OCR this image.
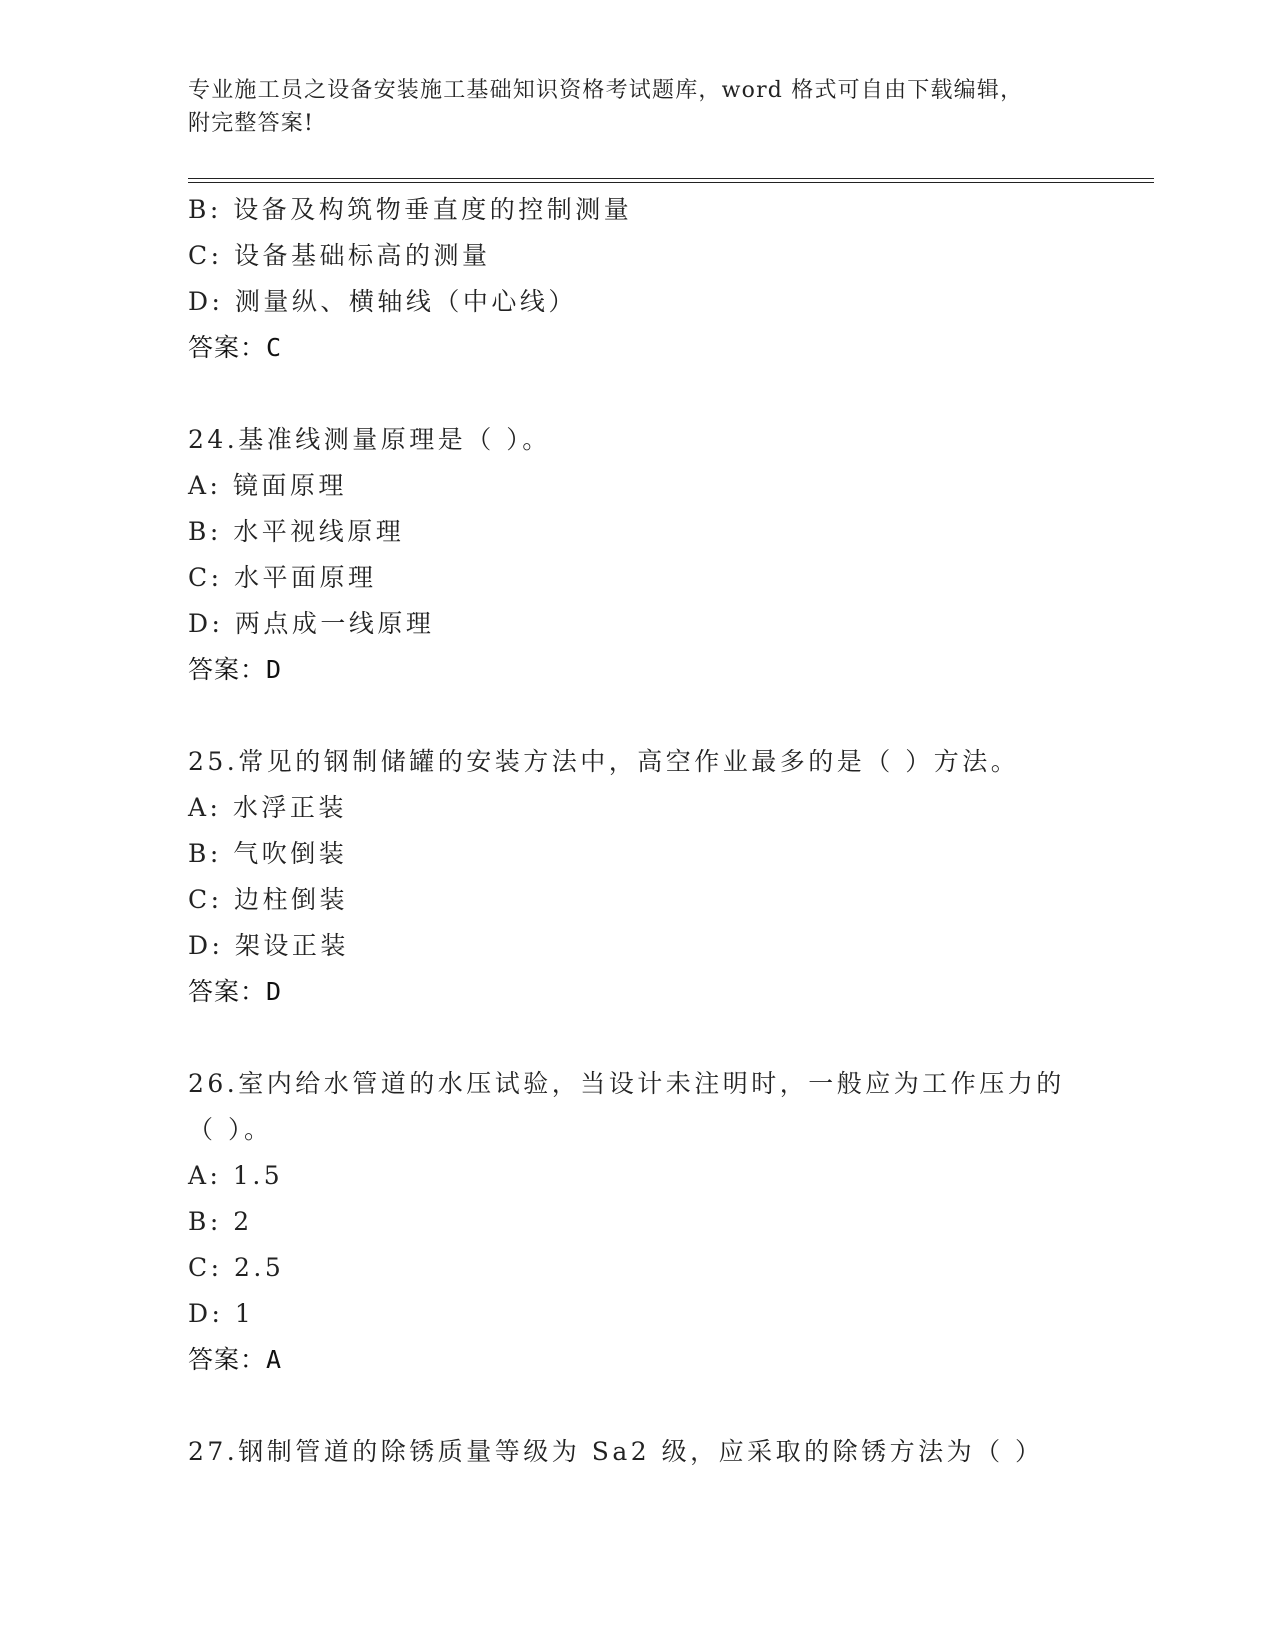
专业施工员之设备安装施工基础知识资格考试题库，word 格式可自由下载编辑，
附完整答案!
B: 设备及构筑物垂直度的控制测量
C: 设备基础标高的测量
D: 测量纵、横轴线（中心线）
答案：C
24.基准线测量原理是（ ）。
A: 镜面原理
B: 水平视线原理
C: 水平面原理
D: 两点成一线原理
答案：D
25.常见的钢制储罐的安装方法中，高空作业最多的是（ ）方法。
A: 水浮正装
B: 气吹倒装
C: 边柱倒装
D: 架设正装
答案：D
26.室内给水管道的水压试验，当设计未注明时，一般应为工作压力的
（ ）。
A: 1.5
B: 2
C: 2.5
D: 1
答案：A
27.钢制管道的除锈质量等级为 Sa2 级，应采取的除锈方法为（ ）
